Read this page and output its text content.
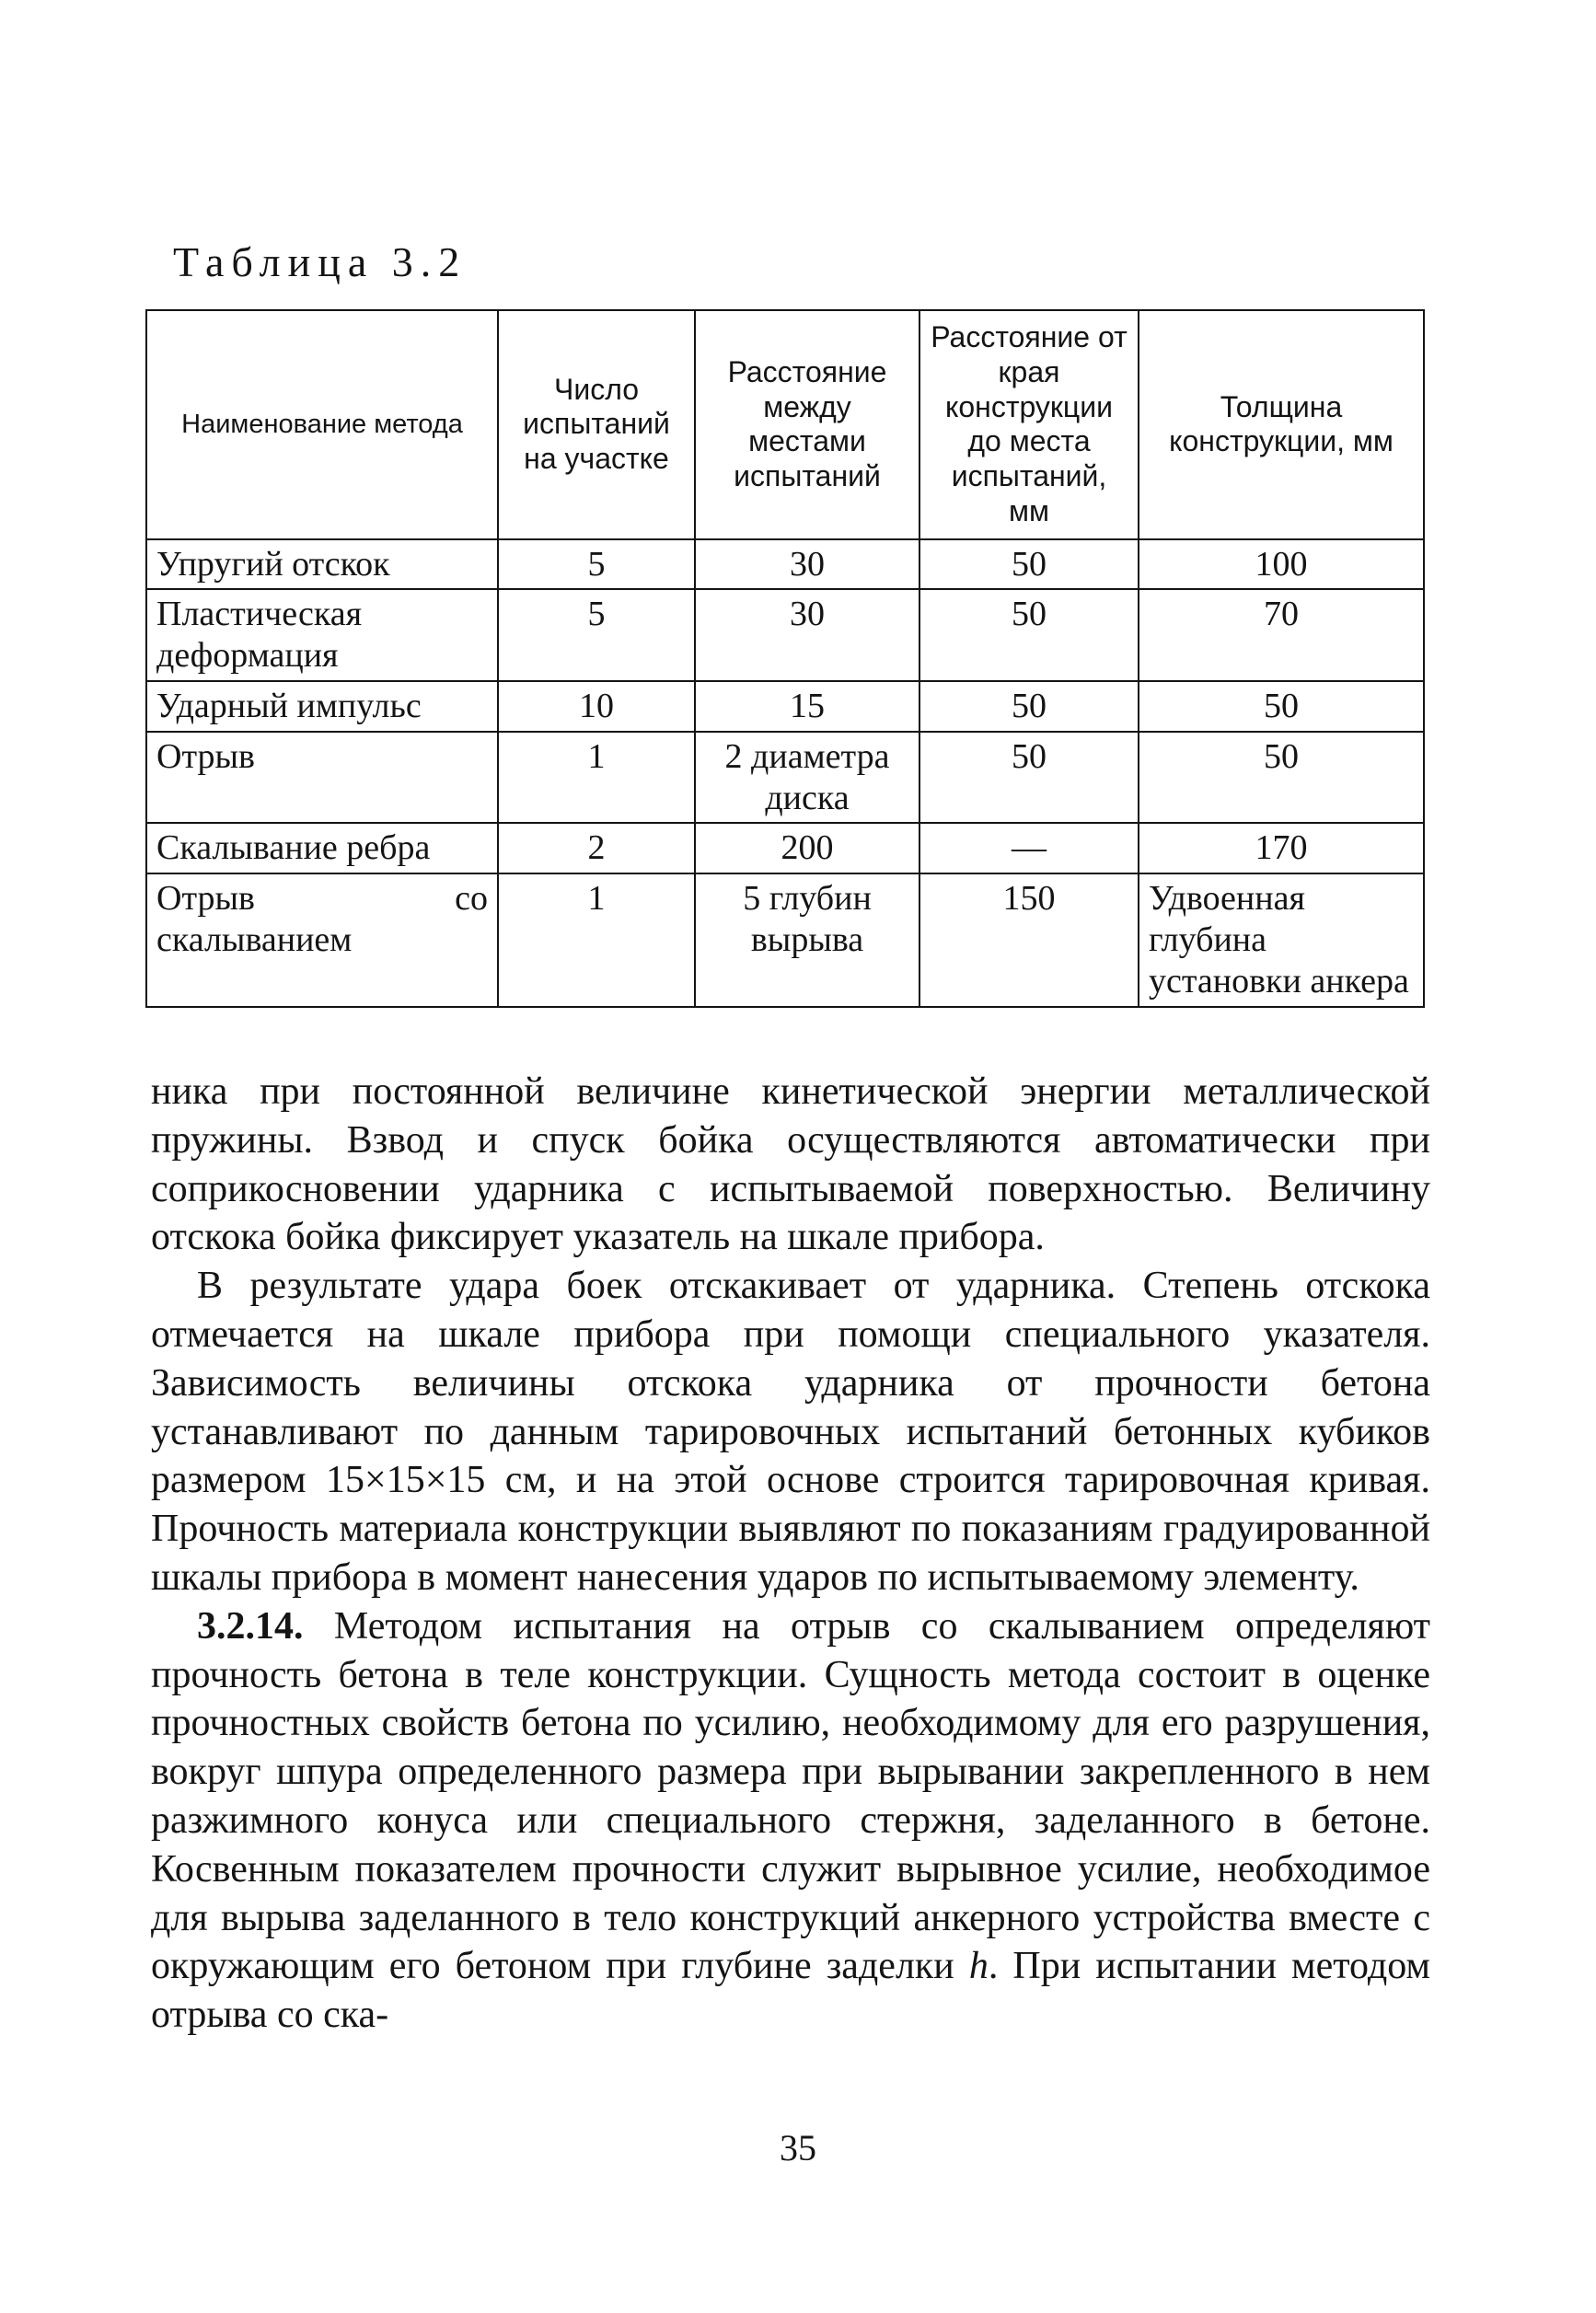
Таблица 3.2
Наименование метода	Число испытаний на участке	Расстояние между местами испытаний	Расстояние от края конструкции до места испытаний, мм	Толщина конструкции, мм
Упругий отскок	5	30	50	100
Пластическая деформация	5	30	50	70
Ударный импульс	10	15	50	50
Отрыв	1	2 диаметра диска	50	50
Скалывание ребра	2	200	—	170
Отрыв со скалыванием	1	5 глубин вырыва	150	Удвоенная глубина установки анкера

ника при постоянной величине кинетической энергии металлической пружины. Взвод и спуск бойка осуществляются автоматически при соприкосновении ударника с испытываемой поверхностью. Величину отскока бойка фиксирует указатель на шкале прибора.

В результате удара боек отскакивает от ударника. Степень отскока отмечается на шкале прибора при помощи специального указателя. Зависимость величины отскока ударника от прочности бетона устанавливают по данным тарировочных испытаний бетонных кубиков размером 15×15×15 см, и на этой основе строится тарировочная кривая. Прочность материала конструкции выявляют по показаниям градуированной шкалы прибора в момент нанесения ударов по испытываемому элементу.

3.2.14. Методом испытания на отрыв со скалыванием определяют прочность бетона в теле конструкции. Сущность метода состоит в оценке прочностных свойств бетона по усилию, необходимому для его разрушения, вокруг шпура определенного размера при вырывании закрепленного в нем разжимного конуса или специального стержня, заделанного в бетоне. Косвенным показателем прочности служит вырывное усилие, необходимое для вырыва заделанного в тело конструкций анкерного устройства вместе с окружающим его бетоном при глубине заделки h. При испытании методом отрыва со ска-

35
